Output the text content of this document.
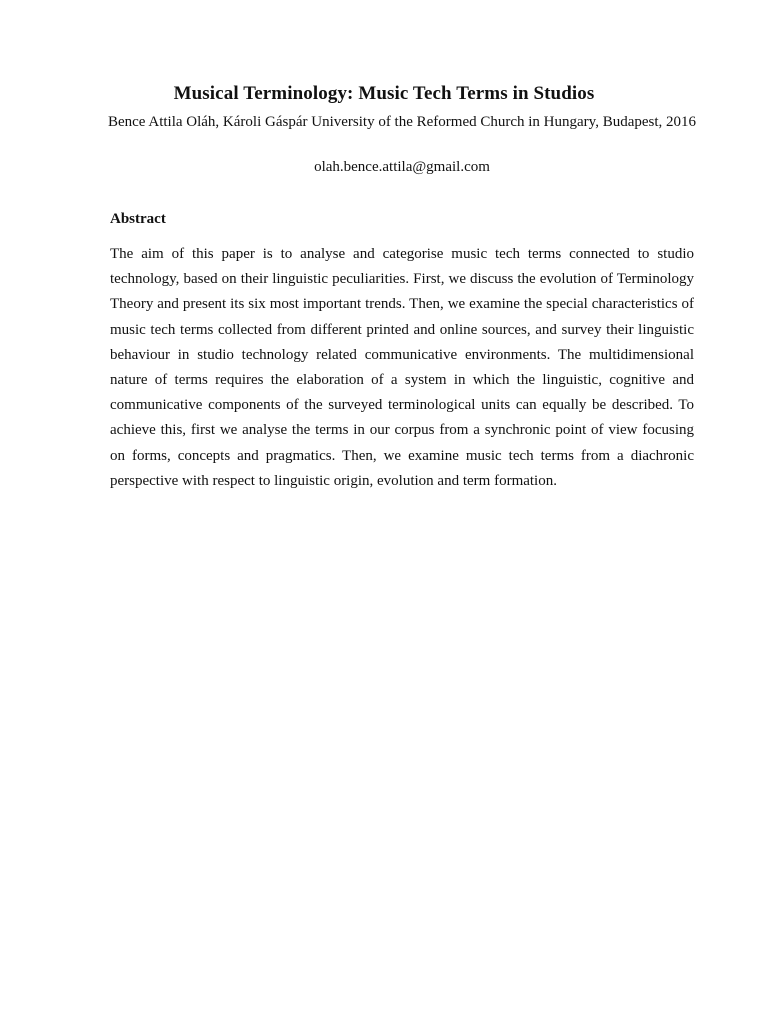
Musical Terminology: Music Tech Terms in Studios
Bence Attila Oláh, Károli Gáspár University of the Reformed Church in Hungary, Budapest, 2016
olah.bence.attila@gmail.com
Abstract
The aim of this paper is to analyse and categorise music tech terms connected to studio technology, based on their linguistic peculiarities. First, we discuss the evolution of Terminology Theory and present its six most important trends. Then, we examine the special characteristics of music tech terms collected from different printed and online sources, and survey their linguistic behaviour in studio technology related communicative environments. The multidimensional nature of terms requires the elaboration of a system in which the linguistic, cognitive and communicative components of the surveyed terminological units can equally be described. To achieve this, first we analyse the terms in our corpus from a synchronic point of view focusing on forms, concepts and pragmatics. Then, we examine music tech terms from a diachronic perspective with respect to linguistic origin, evolution and term formation.
